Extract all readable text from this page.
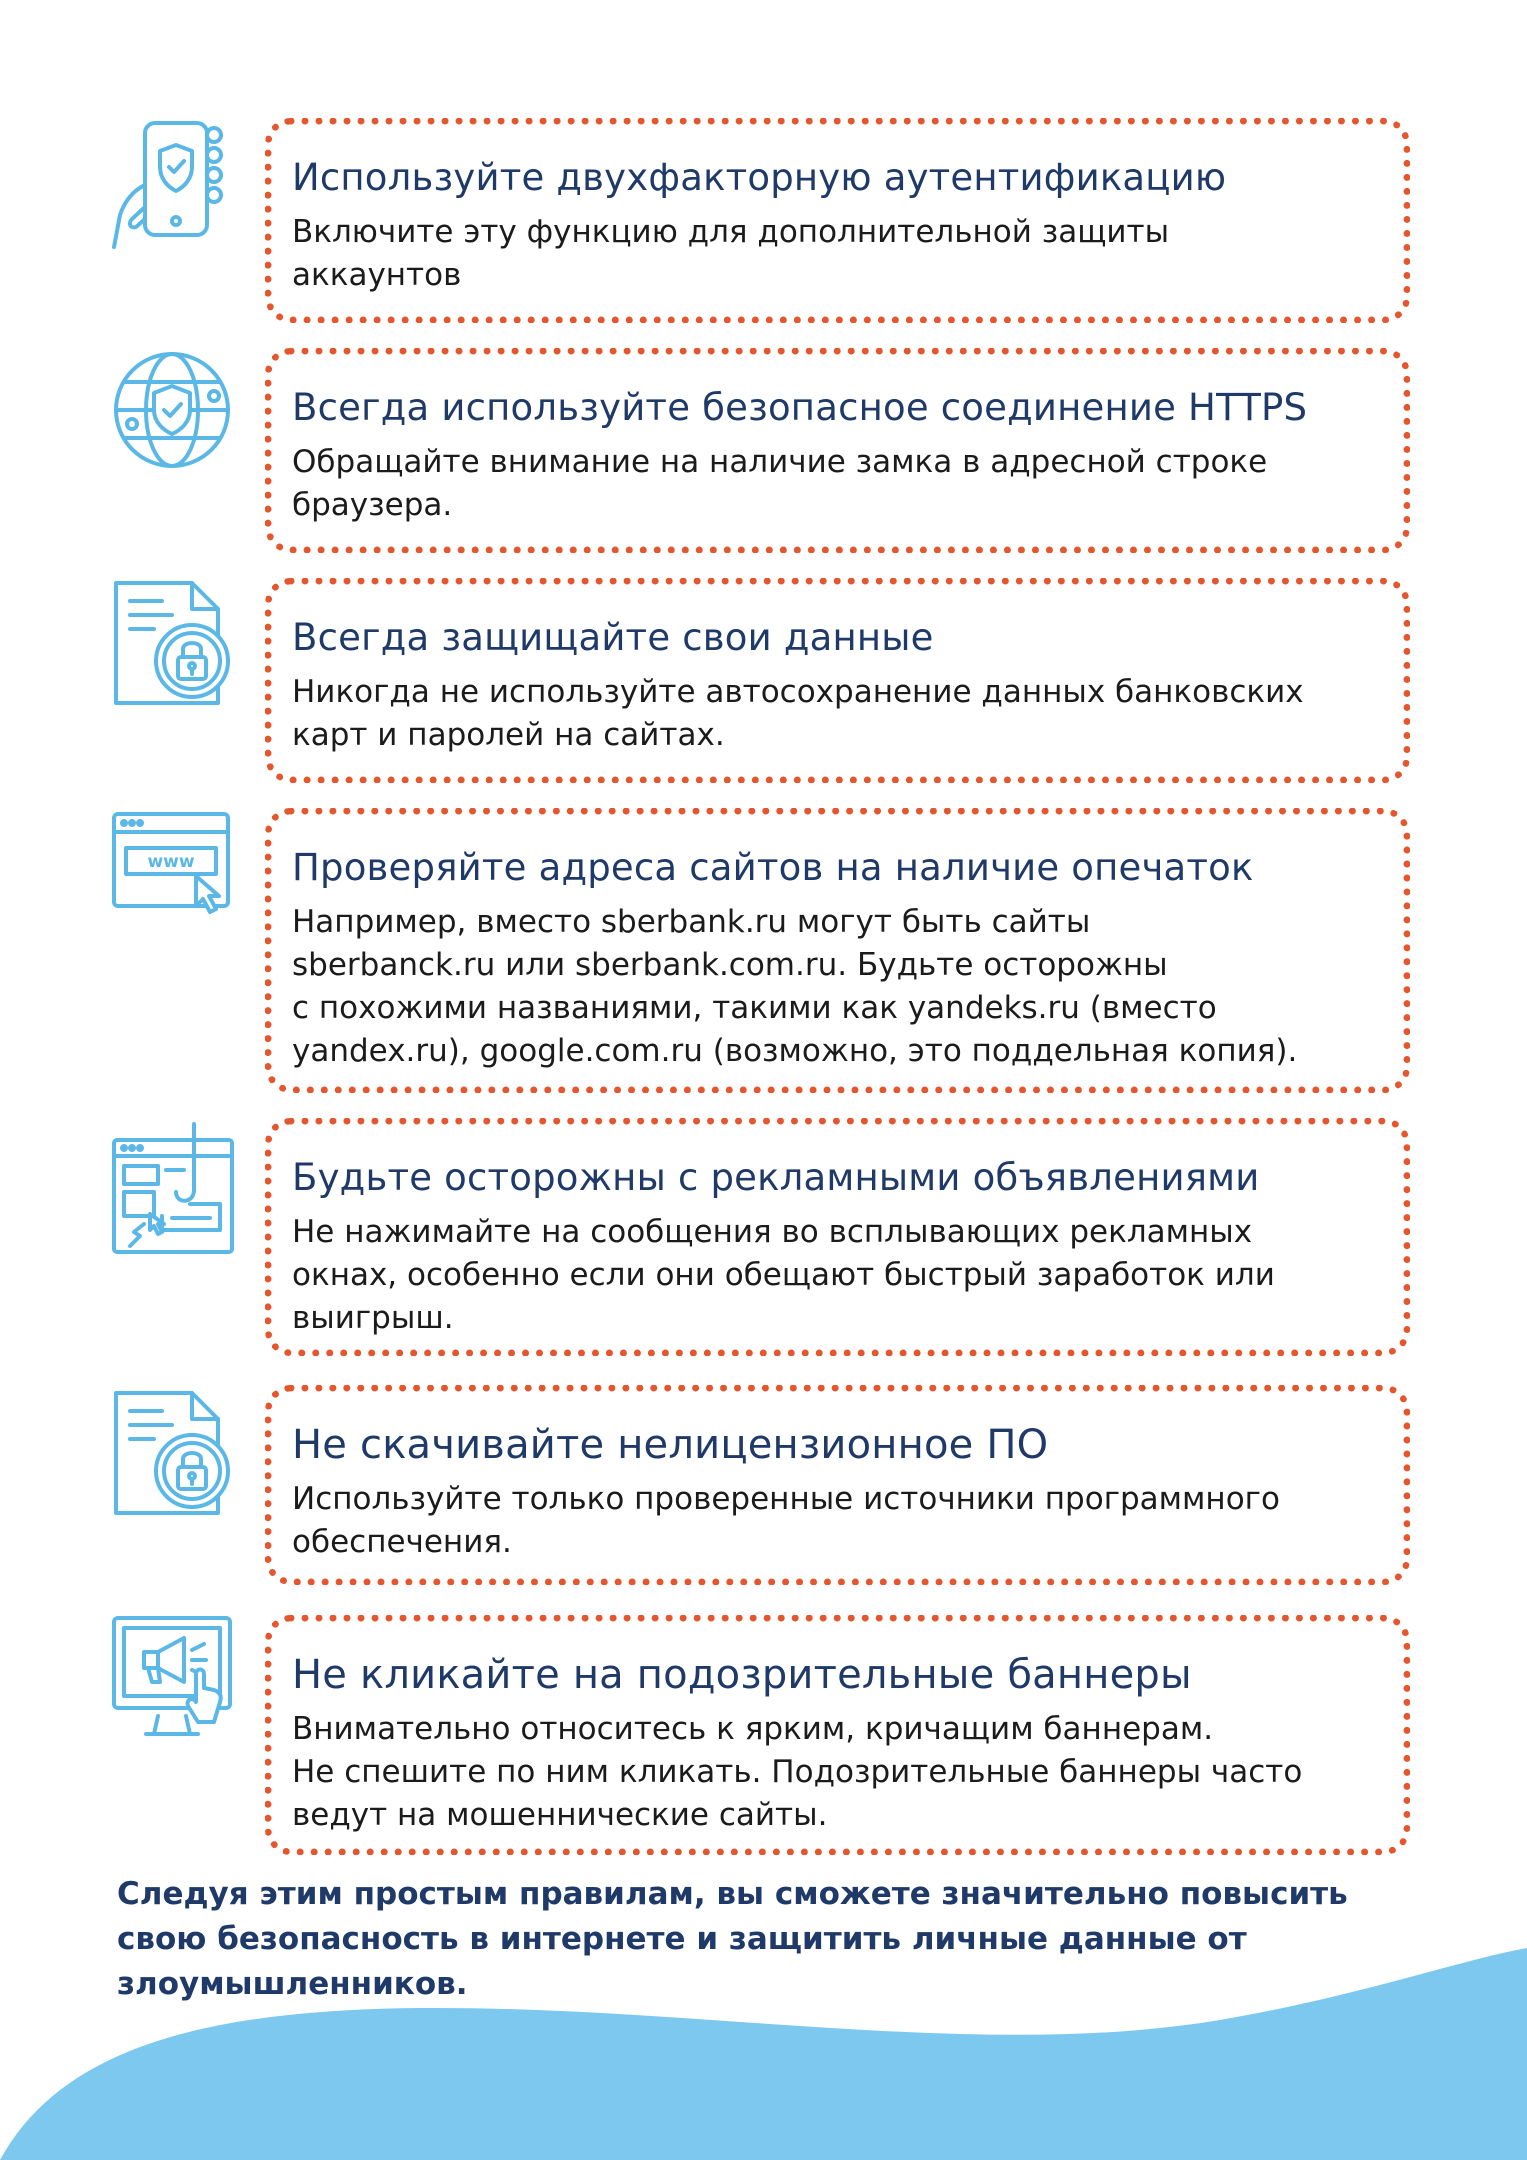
Используйте двухфакторную аутентификацию

Включите эту функцию для дополнительной защиты
аккаунтов

Всегда используйте безопасное соединение HTTPS

Обращайте внимание на наличие замка в адресной строке
браузера.

Всегда защищайте свои данные

Никогда не используйте автосохранение данных банковских
карт и паролей на сайтах.

www	Проверяйте адреса сайтов на наличие опечаток

Например, вместо sberbank.ru могут быть сайты
sberbanck.ru или sberbank.com.ru. Будьте осторожны
с похожими названиями, такими как yandeks.ru (вместо
yandex.ru), google.com.ru (возможно, это поддельная копия).

Будьте осторожны с рекламными объявлениями

Не нажимайте на сообщения во всплывающих рекламных
окнах, особенно если они обещают быстрый заработок или
выигрыш.

Не скачивайте нелицензионное ПО

Используйте только проверенные источники программного
обеспечения.

Не кликайте на подозрительные баннеры

Внимательно относитесь к ярким, кричащим баннерам.
Не спешите по ним кликать. Подозрительные баннеры часто
ведут на мошеннические сайты.

Следуя этим простым правилам, вы сможете значительно повысить
свою безопасность в интернете и защитить личные данные от
злоумышленников.
